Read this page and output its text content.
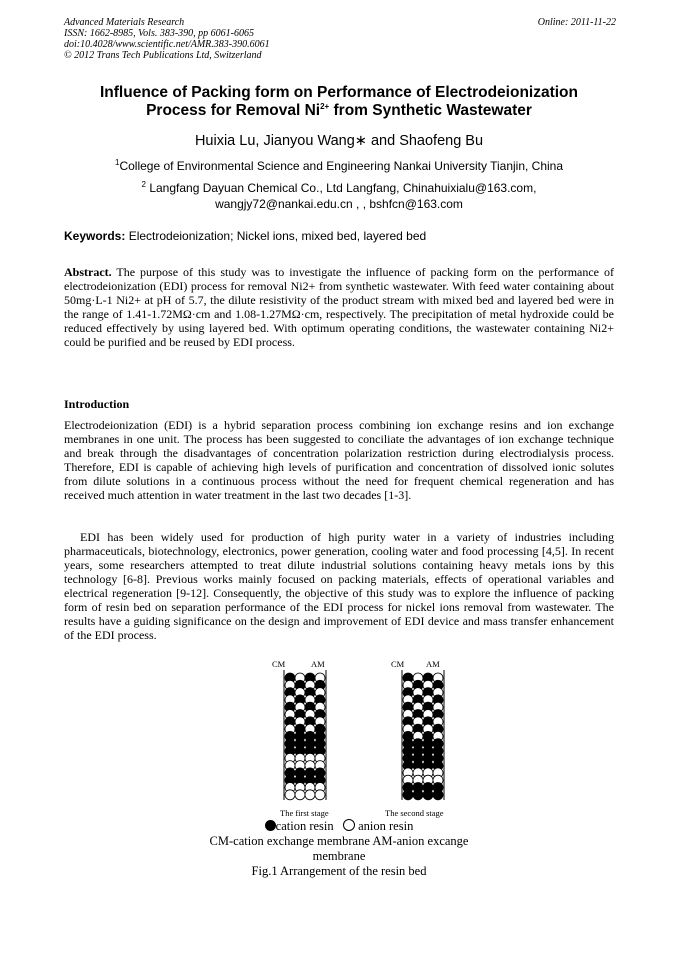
Advanced Materials Research
ISSN: 1662-8985, Vols. 383-390, pp 6061-6065
doi:10.4028/www.scientific.net/AMR.383-390.6061
© 2012 Trans Tech Publications Ltd, Switzerland
Online: 2011-11-22
Influence of Packing form on Performance of Electrodeionization
Process for Removal $Ni^{2+}$ from Synthetic Wastewater
Huixia Lu, Jianyou Wang∗ and Shaofeng Bu
$^1$College of Environmental Science and Engineering Nankai University Tianjin, China
$^2$ Langfang Dayuan Chemical Co., Ltd Langfang, Chinahuixialu@163.com,
wangjy72@nankai.edu.cn , , bshfcn@163.com
Keywords: Electrodeionization; Nickel ions, mixed bed, layered bed
Abstract. The purpose of this study was to investigate the influence of packing form on the performance of electrodeionization (EDI) process for removal Ni2+ from synthetic wastewater. With feed water containing about 50mg·L-1 Ni2+ at pH of 5.7, the dilute resistivity of the product stream with mixed bed and layered bed were in the range of 1.41-1.72MΩ·cm and 1.08-1.27MΩ·cm, respectively. The precipitation of metal hydroxide could be reduced effectively by using layered bed. With optimum operating conditions, the wastewater containing Ni2+ could be purified and be reused by EDI process.
Introduction
Electrodeionization (EDI) is a hybrid separation process combining ion exchange resins and ion exchange membranes in one unit. The process has been suggested to conciliate the advantages of ion exchange technique and break through the disadvantages of concentration polarization restriction during electrodialysis process. Therefore, EDI is capable of achieving high levels of purification and concentration of dissolved ionic solutes from dilute solutions in a continuous process without the need for frequent chemical regeneration and has received much attention in water treatment in the last two decades [1-3].
EDI has been widely used for production of high purity water in a variety of industries including pharmaceuticals, biotechnology, electronics, power generation, cooling water and food processing [4,5]. In recent years, some researchers attempted to treat dilute industrial solutions containing heavy metals ions by this technology [6-8]. Previous works mainly focused on packing materials, effects of operational variables and electrical regeneration [9-12]. Consequently, the objective of this study was to explore the influence of packing form of resin bed on separation performance of the EDI process for nickel ions removal from wastewater. The results have a guiding significance on the design and improvement of EDI device and mass transfer enhancement of the EDI process.
CM	AM	CM	AM
The first stage	The second stage
cation resin anion resin
CM-cation exchange membrane AM-anion excange
membrane
Fig.1 Arrangement of the resin bed
